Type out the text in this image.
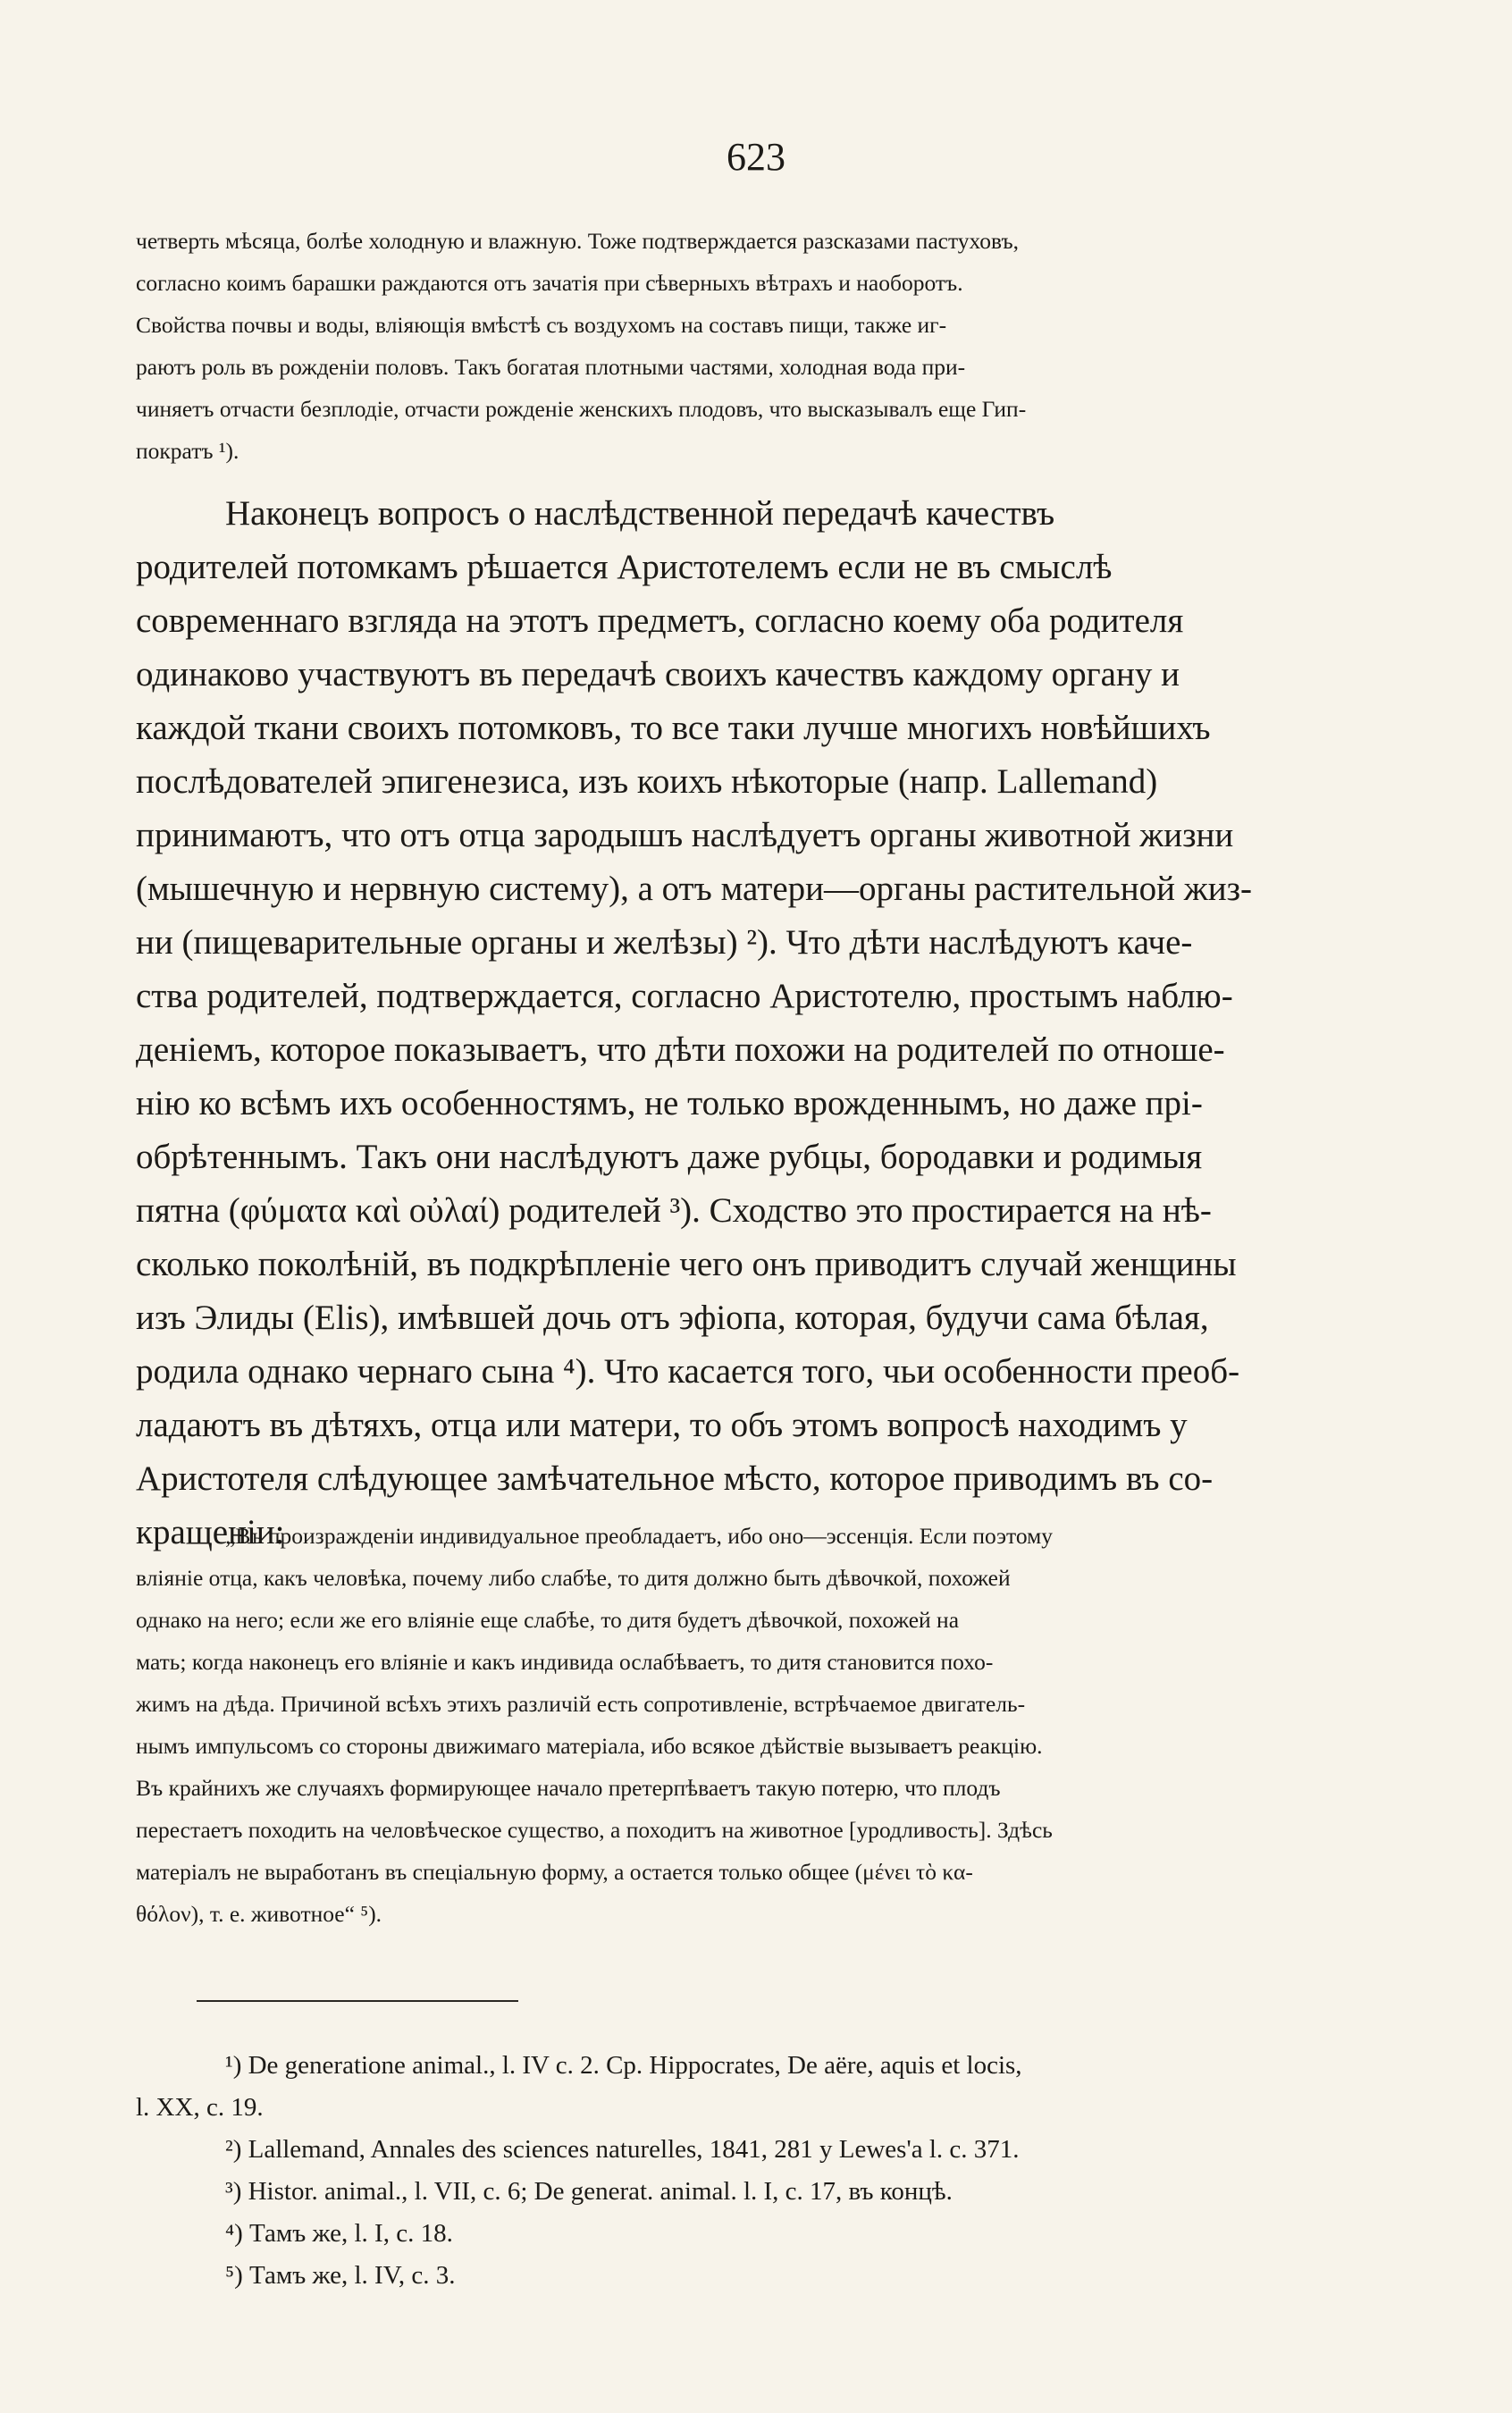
623
четверть мѣсяца, болѣе холодную и влажную. Тоже подтверждается разсказами пастуховъ,
согласно коимъ барашки раждаются отъ зачатія при сѣверныхъ вѣтрахъ и наоборотъ.
Свойства почвы и воды, вліяющія вмѣстѣ съ воздухомъ на составъ пищи, также иг-
раютъ роль въ рожденіи половъ. Такъ богатая плотными частями, холодная вода при-
чиняетъ отчасти безплодіе, отчасти рожденіе женскихъ плодовъ, что высказывалъ еще Гип-
пократъ ¹).
Наконецъ вопросъ о наслѣдственной передачѣ качествъ
родителей потомкамъ рѣшается Аристотелемъ если не въ смыслѣ
современнаго взгляда на этотъ предметъ, согласно коему оба родителя
одинаково участвуютъ въ передачѣ своихъ качествъ каждому органу и
каждой ткани своихъ потомковъ, то все таки лучше многихъ новѣйшихъ
послѣдователей эпигенезиса, изъ коихъ нѣкоторые (напр. Lallemand)
принимаютъ, что отъ отца зародышъ наслѣдуетъ органы животной жизни
(мышечную и нервную систему), а отъ матери—органы растительной жиз-
ни (пищеварительные органы и желѣзы) ²). Что дѣти наслѣдуютъ каче-
ства родителей, подтверждается, согласно Аристотелю, простымъ наблю-
деніемъ, которое показываетъ, что дѣти похожи на родителей по отноше-
нію ко всѣмъ ихъ особенностямъ, не только врожденнымъ, но даже прі-
обрѣтеннымъ. Такъ они наслѣдуютъ даже рубцы, бородавки и родимыя
пятна (φύματα καὶ οὐλαί) родителей ³). Сходство это простирается на нѣ-
сколько поколѣній, въ подкрѣпленіе чего онъ приводитъ случай женщины
изъ Элиды (Elis), имѣвшей дочь отъ эфіопа, которая, будучи сама бѣлая,
родила однако чернаго сына ⁴). Что касается того, чьи особенности преоб-
ладаютъ въ дѣтяхъ, отца или матери, то объ этомъ вопросѣ находимъ у
Аристотеля слѣдующее замѣчательное мѣсто, которое приводимъ въ со-
кращеніи:
„Въ произражденіи индивидуальное преобладаетъ, ибо оно—эссенція. Если поэтому
вліяніе отца, какъ человѣка, почему либо слабѣе, то дитя должно быть дѣвочкой, похожей
однако на него; если же его вліяніе еще слабѣе, то дитя будетъ дѣвочкой, похожей на
мать; когда наконецъ его вліяніе и какъ индивида ослабѣваетъ, то дитя становится похо-
жимъ на дѣда. Причиной всѣхъ этихъ различій есть сопротивленіе, встрѣчаемое двигатель-
нымъ импульсомъ со стороны движимаго матеріала, ибо всякое дѣйствіе вызываетъ реакцію.
Въ крайнихъ же случаяхъ формирующее начало претерпѣваетъ такую потерю, что плодъ
перестаетъ походить на человѣческое существо, а походитъ на животное [уродливость]. Здѣсь
матеріалъ не выработанъ въ спеціальную форму, а остается только общее (μένει τὸ κα-
θόλον), т. е. животное“ ⁵).
¹) De generatione animal., l. IV c. 2. Cp. Hippocrates, De aëre, aquis et locis,
l. XX, c. 19.
²) Lallemand, Annales des sciences naturelles, 1841, 281 y Lewes'a l. c. 371.
³) Histor. animal., l. VII, c. 6; De generat. animal. l. I, c. 17, въ концѣ.
⁴) Тамъ же, l. I, c. 18.
⁵) Тамъ же, l. IV, c. 3.
